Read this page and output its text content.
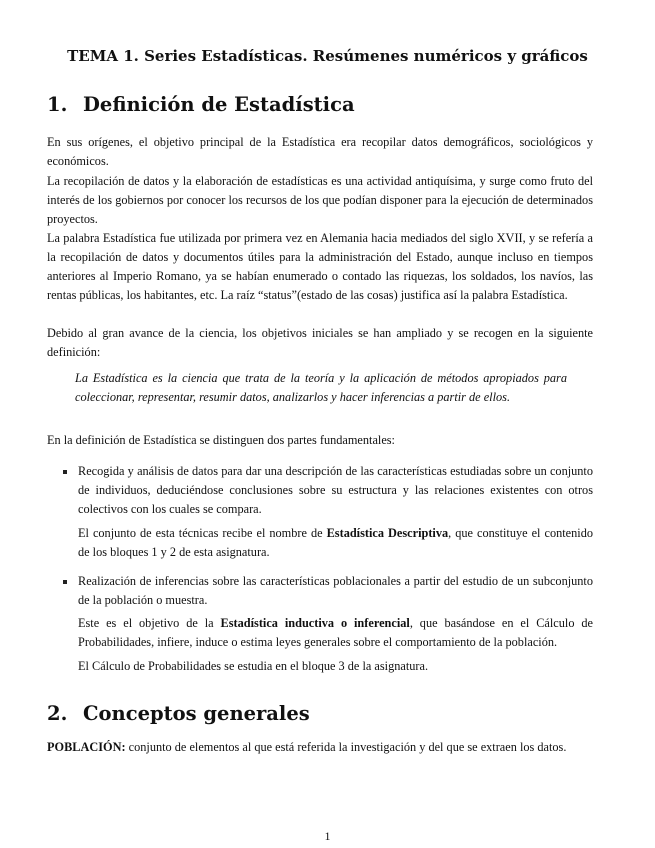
TEMA 1. Series Estadísticas. Resúmenes numéricos y gráficos
1. Definición de Estadística
En sus orígenes, el objetivo principal de la Estadística era recopilar datos demográficos, sociológicos y económicos.
La recopilación de datos y la elaboración de estadísticas es una actividad antiquísima, y surge como fruto del interés de los gobiernos por conocer los recursos de los que podían disponer para la ejecución de determinados proyectos.
La palabra Estadística fue utilizada por primera vez en Alemania hacia mediados del siglo XVII, y se refería a la recopilación de datos y documentos útiles para la administración del Estado, aunque incluso en tiempos anteriores al Imperio Romano, ya se habían enumerado o contado las riquezas, los soldados, los navíos, las rentas públicas, los habitantes, etc. La raíz “status”(estado de las cosas) justifica así la palabra Estadística.
Debido al gran avance de la ciencia, los objetivos iniciales se han ampliado y se recogen en la siguiente definición:
La Estadística es la ciencia que trata de la teoría y la aplicación de métodos apropiados para coleccionar, representar, resumir datos, analizarlos y hacer inferencias a partir de ellos.
En la definición de Estadística se distinguen dos partes fundamentales:
Recogida y análisis de datos para dar una descripción de las características estudiadas sobre un conjunto de individuos, deduciéndose conclusiones sobre su estructura y las relaciones existentes con otros colectivos con los cuales se compara.
El conjunto de esta técnicas recibe el nombre de Estadística Descriptiva, que constituye el contenido de los bloques 1 y 2 de esta asignatura.
Realización de inferencias sobre las características poblacionales a partir del estudio de un subconjunto de la población o muestra.
Este es el objetivo de la Estadística inductiva o inferencial, que basándose en el Cálculo de Probabilidades, infiere, induce o estima leyes generales sobre el comportamiento de la población.
El Cálculo de Probabilidades se estudia en el bloque 3 de la asignatura.
2. Conceptos generales
POBLACIÓN: conjunto de elementos al que está referida la investigación y del que se extraen los datos.
1
